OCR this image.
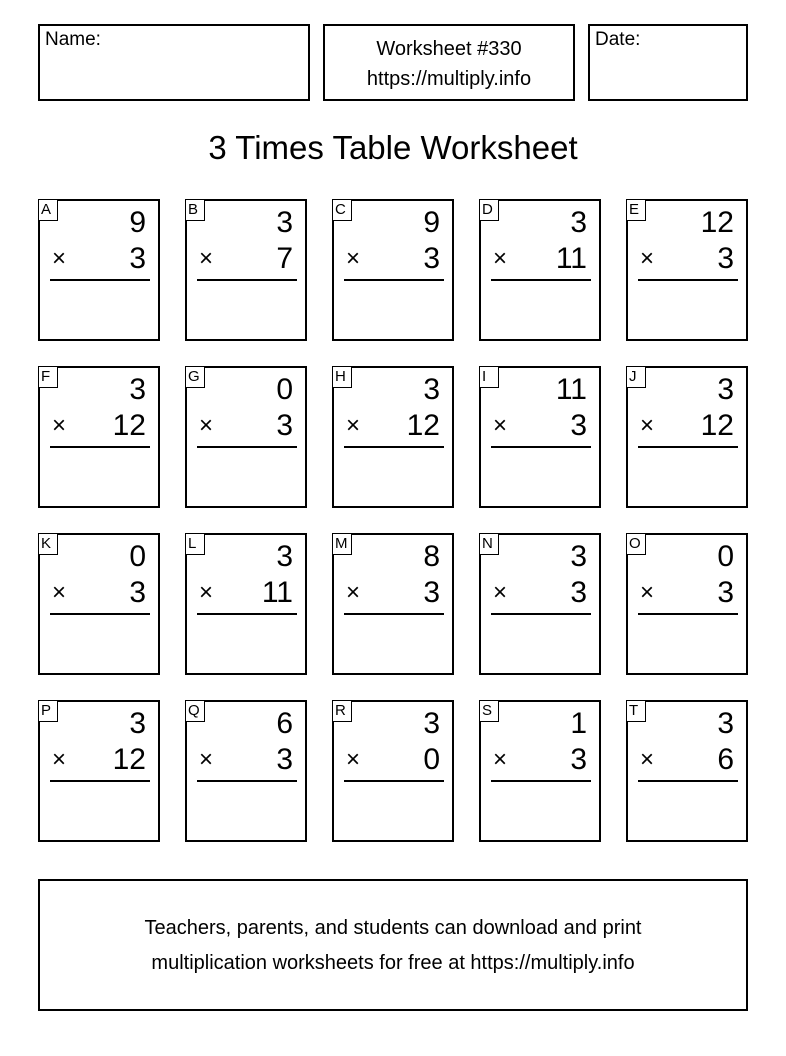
Name:	Worksheet #330
https://multiply.info
Date:
3 Times Table Worksheet
A	9
× 3
B	3
× 7
C	9
× 3
D	3
× 11
E 12
× 3
F	3
× 12
G	0
× 3
H	3
× 12
I	11
× 3
J	3
× 12
K	0
× 3
L	3
× 11
M	8
× 3
N	3
× 3
O	0
× 3
P	3
× 12
Q	6
× 3
R	3
× 0
S	1
× 3
T	3
× 6
Teachers, parents, and students can download and print
multiplication worksheets for free at https://multiply.info
